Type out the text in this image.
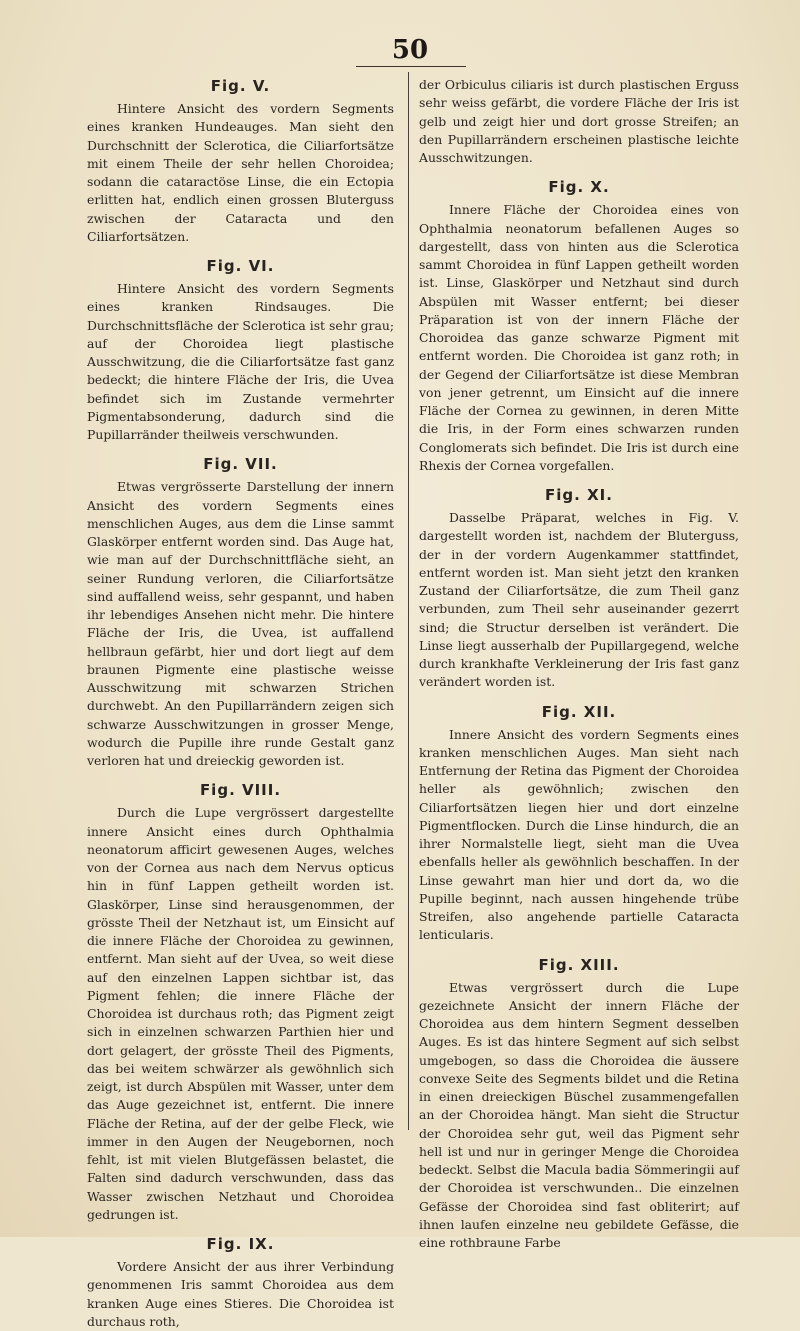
50
Fig. V.

Hintere Ansicht des vordern Segments eines kranken Hundeauges. Man sieht den Durchschnitt der Sclerotica, die Ciliarfortsätze mit einem Theile der sehr hellen Choroidea; sodann die cataractöse Linse, die ein Ectopia erlitten hat, endlich einen grossen Bluterguss zwischen der Cataracta und den Ciliarfortsätzen.

Fig. VI.

Hintere Ansicht des vordern Segments eines kranken Rindsauges. Die Durchschnittsfläche der Sclerotica ist sehr grau; auf der Choroidea liegt plastische Ausschwitzung, die die Ciliarfortsätze fast ganz bedeckt; die hintere Fläche der Iris, die Uvea befindet sich im Zustande vermehrter Pigmentabsonderung, dadurch sind die Pupillarränder theilweis verschwunden.

Fig. VII.

Etwas vergrösserte Darstellung der innern Ansicht des vordern Segments eines menschlichen Auges, aus dem die Linse sammt Glaskörper entfernt worden sind. Das Auge hat, wie man auf der Durchschnittfläche sieht, an seiner Rundung verloren, die Ciliarfortsätze sind auffallend weiss, sehr gespannt, und haben ihr lebendiges Ansehen nicht mehr. Die hintere Fläche der Iris, die Uvea, ist auffallend hellbraun gefärbt, hier und dort liegt auf dem braunen Pigmente eine plastische weisse Ausschwitzung mit schwarzen Strichen durchwebt. An den Pupillarrändern zeigen sich schwarze Ausschwitzungen in grosser Menge, wodurch die Pupille ihre runde Gestalt ganz verloren hat und dreieckig geworden ist.

Fig. VIII.

Durch die Lupe vergrössert dargestellte innere Ansicht eines durch Ophthalmia neonatorum afficirt gewesenen Auges, welches von der Cornea aus nach dem Nervus opticus hin in fünf Lappen getheilt worden ist. Glaskörper, Linse sind herausgenommen, der grösste Theil der Netzhaut ist, um Einsicht auf die innere Fläche der Choroidea zu gewinnen, entfernt. Man sieht auf der Uvea, so weit diese auf den einzelnen Lappen sichtbar ist, das Pigment fehlen; die innere Fläche der Choroidea ist durchaus roth; das Pigment zeigt sich in einzelnen schwarzen Parthien hier und dort gelagert, der grösste Theil des Pigments, das bei weitem schwärzer als gewöhnlich sich zeigt, ist durch Abspülen mit Wasser, unter dem das Auge gezeichnet ist, entfernt. Die innere Fläche der Retina, auf der der gelbe Fleck, wie immer in den Augen der Neugebornen, noch fehlt, ist mit vielen Blutgefässen belastet, die Falten sind dadurch verschwunden, dass das Wasser zwischen Netzhaut und Choroidea gedrungen ist.

Fig. IX.

Vordere Ansicht der aus ihrer Verbindung genommenen Iris sammt Choroidea aus dem kranken Auge eines Stieres. Die Choroidea ist durchaus roth,

der Orbiculus ciliaris ist durch plastischen Erguss sehr weiss gefärbt, die vordere Fläche der Iris ist gelb und zeigt hier und dort grosse Streifen; an den Pupillarrändern erscheinen plastische leichte Ausschwitzungen.

Fig. X.

Innere Fläche der Choroidea eines von Ophthalmia neonatorum befallenen Auges so dargestellt, dass von hinten aus die Sclerotica sammt Choroidea in fünf Lappen getheilt worden ist. Linse, Glaskörper und Netzhaut sind durch Abspülen mit Wasser entfernt; bei dieser Präparation ist von der innern Fläche der Choroidea das ganze schwarze Pigment mit entfernt worden. Die Choroidea ist ganz roth; in der Gegend der Ciliarfortsätze ist diese Membran von jener getrennt, um Einsicht auf die innere Fläche der Cornea zu gewinnen, in deren Mitte die Iris, in der Form eines schwarzen runden Conglomerats sich befindet. Die Iris ist durch eine Rhexis der Cornea vorgefallen.

Fig. XI.

Dasselbe Präparat, welches in Fig. V. dargestellt worden ist, nachdem der Bluterguss, der in der vordern Augenkammer stattfindet, entfernt worden ist. Man sieht jetzt den kranken Zustand der Ciliarfortsätze, die zum Theil ganz verbunden, zum Theil sehr auseinander gezerrt sind; die Structur derselben ist verändert. Die Linse liegt ausserhalb der Pupillargegend, welche durch krankhafte Verkleinerung der Iris fast ganz verändert worden ist.

Fig. XII.

Innere Ansicht des vordern Segments eines kranken menschlichen Auges. Man sieht nach Entfernung der Retina das Pigment der Choroidea heller als gewöhnlich; zwischen den Ciliarfortsätzen liegen hier und dort einzelne Pigmentflocken. Durch die Linse hindurch, die an ihrer Normalstelle liegt, sieht man die Uvea ebenfalls heller als gewöhnlich beschaffen. In der Linse gewahrt man hier und dort da, wo die Pupille beginnt, nach aussen hingehende trübe Streifen, also angehende partielle Cataracta lenticularis.

Fig. XIII.

Etwas vergrössert durch die Lupe gezeichnete Ansicht der innern Fläche der Choroidea aus dem hintern Segment desselben Auges. Es ist das hintere Segment auf sich selbst umgebogen, so dass die Choroidea die äussere convexe Seite des Segments bildet und die Retina in einen dreieckigen Büschel zusammengefallen an der Choroidea hängt. Man sieht die Structur der Choroidea sehr gut, weil das Pigment sehr hell ist und nur in geringer Menge die Choroidea bedeckt. Selbst die Macula badia Sömmeringii auf der Choroidea ist verschwunden.. Die einzelnen Gefässe der Choroidea sind fast obliterirt; auf ihnen laufen einzelne neu gebildete Gefässe, die eine rothbraune Farbe
